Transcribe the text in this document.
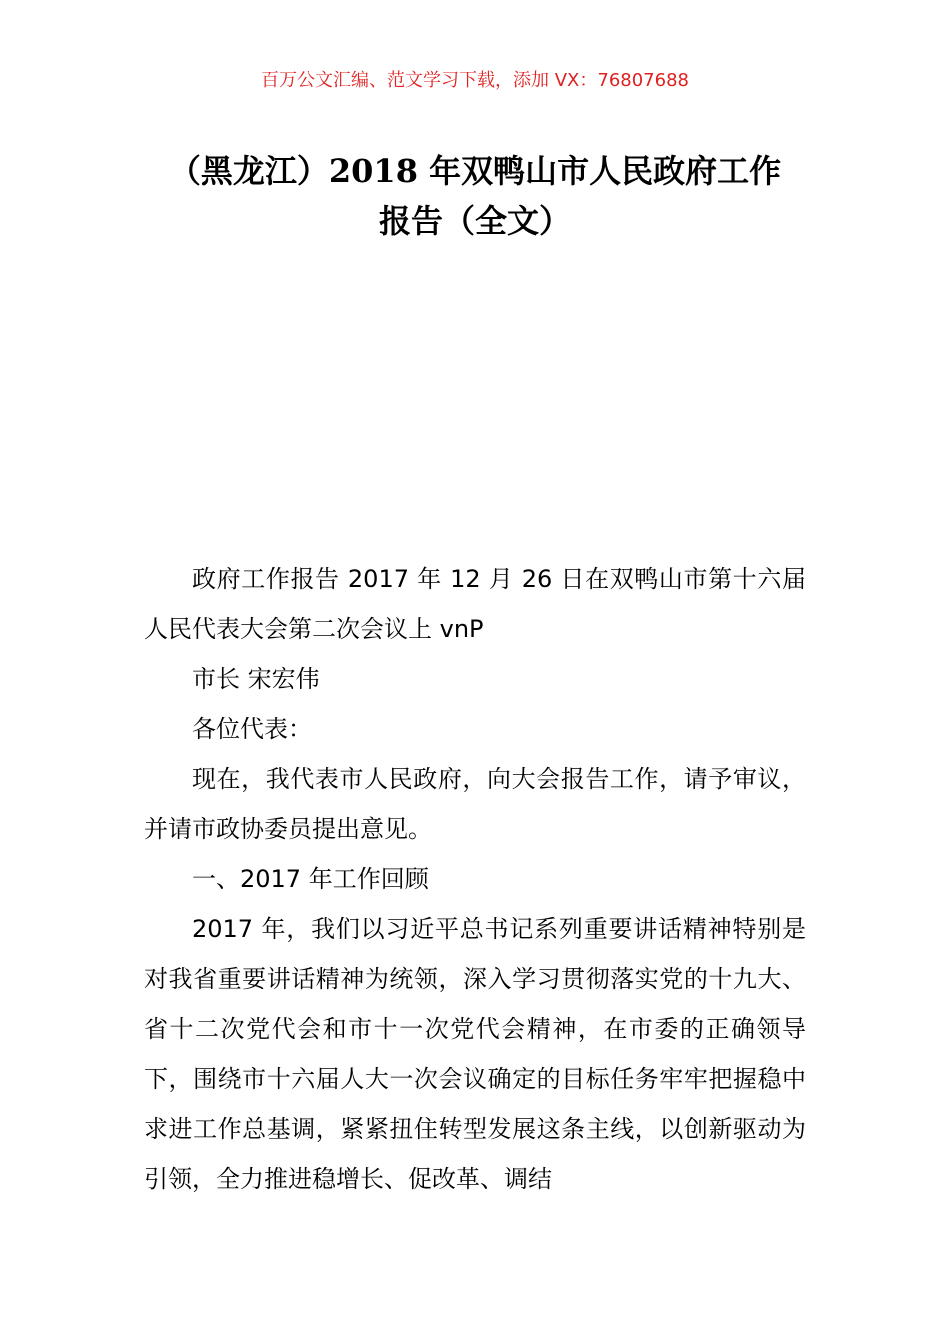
百万公文汇编、范文学习下载，添加 VX：76807688
（黑龙江）2018 年双鸭山市人民政府工作
报告（全文）

政府工作报告 2017 年 12 月 26 日在双鸭山市第十六届人民代表大会第二次会议上 vnP

市长 宋宏伟

各位代表：

现在，我代表市人民政府，向大会报告工作，请予审议，并请市政协委员提出意见。

一、2017 年工作回顾

2017 年，我们以习近平总书记系列重要讲话精神特别是对我省重要讲话精神为统领，深入学习贯彻落实党的十九大、省十二次党代会和市十一次党代会精神，在市委的正确领导下，围绕市十六届人大一次会议确定的目标任务牢牢把握稳中求进工作总基调，紧紧扭住转型发展这条主线，以创新驱动为引领，全力推进稳增长、促改革、调结
